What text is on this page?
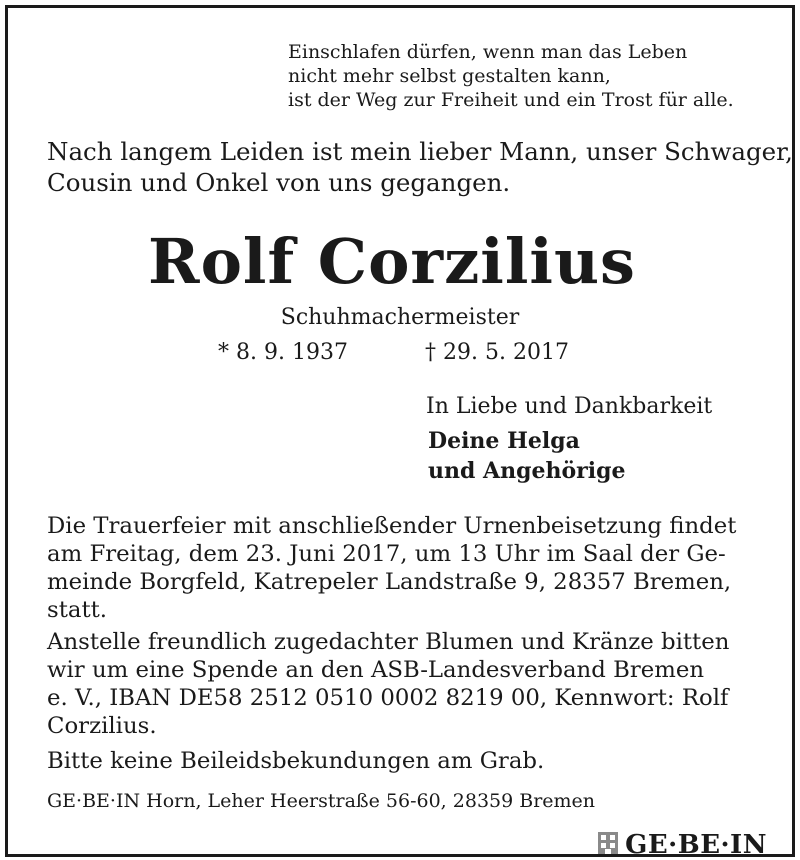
Einschlafen dürfen, wenn man das Leben
nicht mehr selbst gestalten kann,
ist der Weg zur Freiheit und ein Trost für alle.
Nach langem Leiden ist mein lieber Mann, unser Schwager,
Cousin und Onkel von uns gegangen.
Rolf Corzilius
Schuhmachermeister
* 8. 9. 1937	† 29. 5. 2017
In Liebe und Dankbarkeit
Deine Helga
und Angehörige
Die Trauerfeier mit anschließender Urnenbeisetzung findet
am Freitag, dem 23. Juni 2017, um 13 Uhr im Saal der Ge-
meinde Borgfeld, Katrepeler Landstraße 9, 28357 Bremen,
statt.
Anstelle freundlich zugedachter Blumen und Kränze bitten
wir um eine Spende an den ASB-Landesverband Bremen
e. V., IBAN DE58 2512 0510 0002 8219 00, Kennwort: Rolf
Corzilius.
Bitte keine Beileidsbekundungen am Grab.
GE·BE·IN Horn, Leher Heerstraße 56-60, 28359 Bremen
GE·BE·IN
